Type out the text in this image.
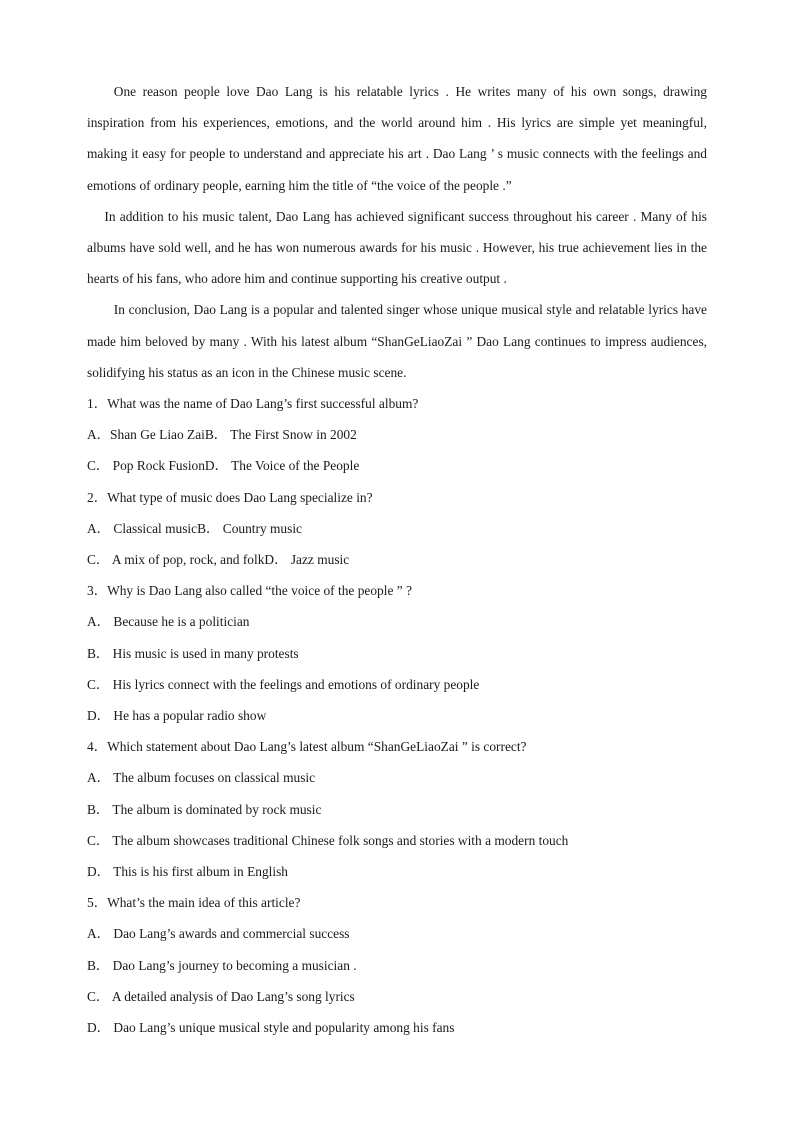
One reason people love Dao Lang is his relatable lyrics . He writes many of his own songs, drawing inspiration from his experiences, emotions, and the world around him . His lyrics are simple yet meaningful, making it easy for people to understand and appreciate his art . Dao Lang ’ s music connects with the feelings and emotions of ordinary people, earning him the title of “the voice of the people .”

In addition to his music talent, Dao Lang has achieved significant success throughout his career . Many of his albums have sold well, and he has won numerous awards for his music . However, his true achievement lies in the hearts of his fans, who adore him and continue supporting his creative output .

In conclusion, Dao Lang is a popular and talented singer whose unique musical style and relatable lyrics have made him beloved by many . With his latest album “ShanGeLiaoZai ” Dao Lang continues to impress audiences, solidifying his status as an icon in the Chinese music scene.

1．What was the name of Dao Lang’s first successful album?

A．Shan Ge Liao ZaiB． The First Snow in 2002

C． Pop Rock FusionD． The Voice of the People

2．What type of music does Dao Lang specialize in?

A． Classical musicB． Country music

C． A mix of pop, rock, and folkD． Jazz music

3．Why is Dao Lang also called “the voice of the people ” ?

A． Because he is a politician

B． His music is used in many protests

C． His lyrics connect with the feelings and emotions of ordinary people

D． He has a popular radio show

4．Which statement about Dao Lang’s latest album “ShanGeLiaoZai ” is correct?

A． The album focuses on classical music

B． The album is dominated by rock music

C． The album showcases traditional Chinese folk songs and stories with a modern touch

D． This is his first album in English

5．What’s the main idea of this article?

A． Dao Lang’s awards and commercial success

B． Dao Lang’s journey to becoming a musician .

C． A detailed analysis of Dao Lang’s song lyrics

D． Dao Lang’s unique musical style and popularity among his fans
